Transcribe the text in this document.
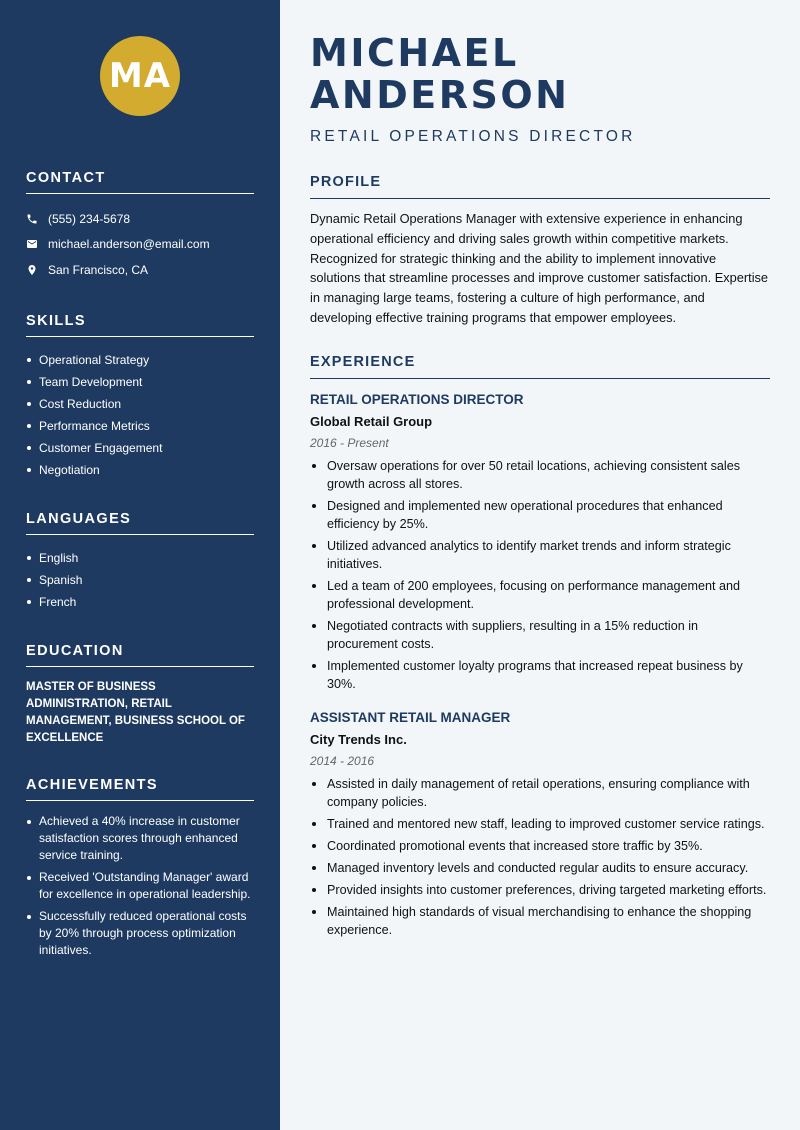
MA
CONTACT
(555) 234-5678
michael.anderson@email.com
San Francisco, CA
SKILLS
Operational Strategy
Team Development
Cost Reduction
Performance Metrics
Customer Engagement
Negotiation
LANGUAGES
English
Spanish
French
EDUCATION
MASTER OF BUSINESS ADMINISTRATION, RETAIL MANAGEMENT, BUSINESS SCHOOL OF EXCELLENCE
ACHIEVEMENTS
Achieved a 40% increase in customer satisfaction scores through enhanced service training.
Received 'Outstanding Manager' award for excellence in operational leadership.
Successfully reduced operational costs by 20% through process optimization initiatives.
MICHAEL ANDERSON
RETAIL OPERATIONS DIRECTOR
PROFILE

Dynamic Retail Operations Manager with extensive experience in enhancing operational efficiency and driving sales growth within competitive markets. Recognized for strategic thinking and the ability to implement innovative solutions that streamline processes and improve customer satisfaction. Expertise in managing large teams, fostering a culture of high performance, and developing effective training programs that empower employees.

EXPERIENCE
RETAIL OPERATIONS DIRECTOR
Global Retail Group
2016 - Present
Oversaw operations for over 50 retail locations, achieving consistent sales growth across all stores.
Designed and implemented new operational procedures that enhanced efficiency by 25%.
Utilized advanced analytics to identify market trends and inform strategic initiatives.
Led a team of 200 employees, focusing on performance management and professional development.
Negotiated contracts with suppliers, resulting in a 15% reduction in procurement costs.
Implemented customer loyalty programs that increased repeat business by 30%.
ASSISTANT RETAIL MANAGER
City Trends Inc.
2014 - 2016
Assisted in daily management of retail operations, ensuring compliance with company policies.
Trained and mentored new staff, leading to improved customer service ratings.
Coordinated promotional events that increased store traffic by 35%.
Managed inventory levels and conducted regular audits to ensure accuracy.
Provided insights into customer preferences, driving targeted marketing efforts.
Maintained high standards of visual merchandising to enhance the shopping experience.
